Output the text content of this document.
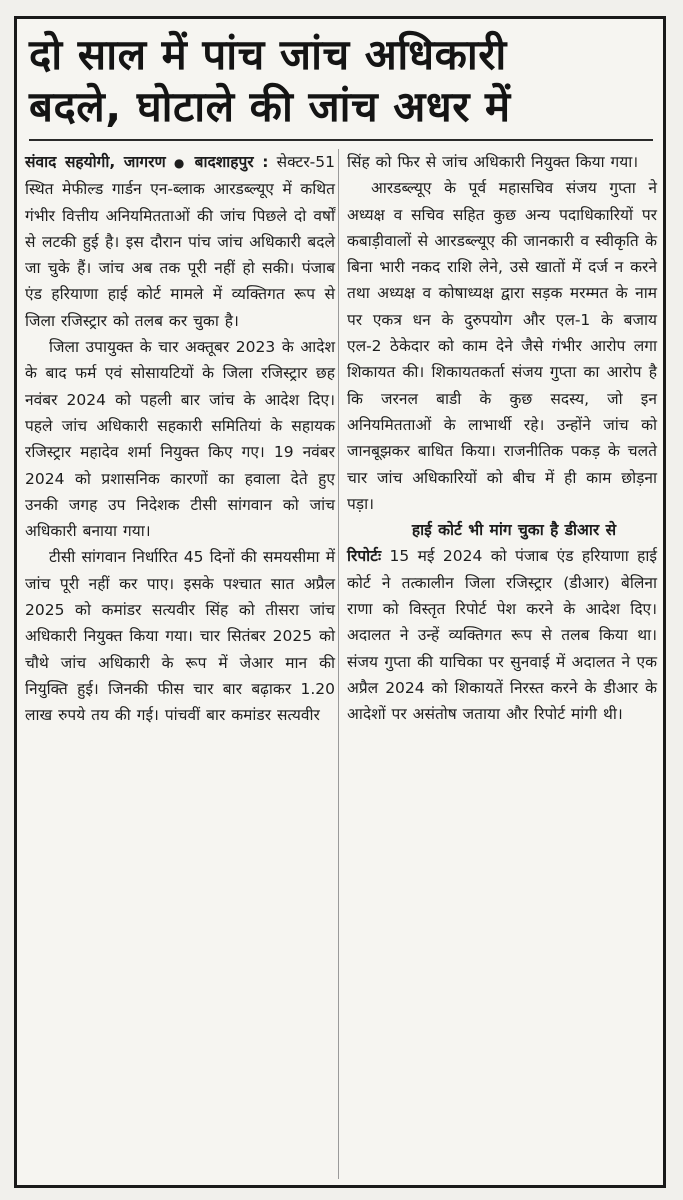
दो साल में पांच जांच अधिकारी
बदले, घोटाले की जांच अधर में

संवाद सहयोगी, जागरण ● बादशाहपुर : सेक्टर-51 स्थित मेफील्ड गार्डन एन-ब्लाक आरडब्ल्यूए में कथित गंभीर वित्तीय अनियमितताओं की जांच पिछले दो वर्षों से लटकी हुई है। इस दौरान पांच जांच अधिकारी बदले जा चुके हैं। जांच अब तक पूरी नहीं हो सकी। पंजाब एंड हरियाणा हाई कोर्ट मामले में व्यक्तिगत रूप से जिला रजिस्ट्रार को तलब कर चुका है।

जिला उपायुक्त के चार अक्तूबर 2023 के आदेश के बाद फर्म एवं सोसायटियों के जिला रजिस्ट्रार छह नवंबर 2024 को पहली बार जांच के आदेश दिए। पहले जांच अधिकारी सहकारी समितियां के सहायक रजिस्ट्रार महादेव शर्मा नियुक्त किए गए। 19 नवंबर 2024 को प्रशासनिक कारणों का हवाला देते हुए उनकी जगह उप निदेशक टीसी सांगवान को जांच अधिकारी बनाया गया।

टीसी सांगवान निर्धारित 45 दिनों की समयसीमा में जांच पूरी नहीं कर पाए। इसके पश्चात सात अप्रैल 2025 को कमांडर सत्यवीर सिंह को तीसरा जांच अधिकारी नियुक्त किया गया। चार सितंबर 2025 को चौथे जांच अधिकारी के रूप में जेआर मान की नियुक्ति हुई। जिनकी फीस चार बार बढ़ाकर 1.20 लाख रुपये तय की गई। पांचवीं बार कमांडर सत्यवीर

सिंह को फिर से जांच अधिकारी नियुक्त किया गया।

आरडब्ल्यूए के पूर्व महासचिव संजय गुप्ता ने अध्यक्ष व सचिव सहित कुछ अन्य पदाधिकारियों पर कबाड़ीवालों से आरडब्ल्यूए की जानकारी व स्वीकृति के बिना भारी नकद राशि लेने, उसे खातों में दर्ज न करने तथा अध्यक्ष व कोषाध्यक्ष द्वारा सड़क मरम्मत के नाम पर एकत्र धन के दुरुपयोग और एल-1 के बजाय एल-2 ठेकेदार को काम देने जैसे गंभीर आरोप लगा शिकायत की। शिकायतकर्ता संजय गुप्ता का आरोप है कि जरनल बाडी के कुछ सदस्य, जो इन अनियमितताओं के लाभार्थी रहे। उन्होंने जांच को जानबूझकर बाधित किया। राजनीतिक पकड़ के चलते चार जांच अधिकारियों को बीच में ही काम छोड़ना पड़ा।

हाई कोर्ट भी मांग चुका है डीआर से

रिपोर्टः 15 मई 2024 को पंजाब एंड हरियाणा हाई कोर्ट ने तत्कालीन जिला रजिस्ट्रार (डीआर) बेलिना राणा को विस्तृत रिपोर्ट पेश करने के आदेश दिए। अदालत ने उन्हें व्यक्तिगत रूप से तलब किया था। संजय गुप्ता की याचिका पर सुनवाई में अदालत ने एक अप्रैल 2024 को शिकायतें निरस्त करने के डीआर के आदेशों पर असंतोष जताया और रिपोर्ट मांगी थी।
